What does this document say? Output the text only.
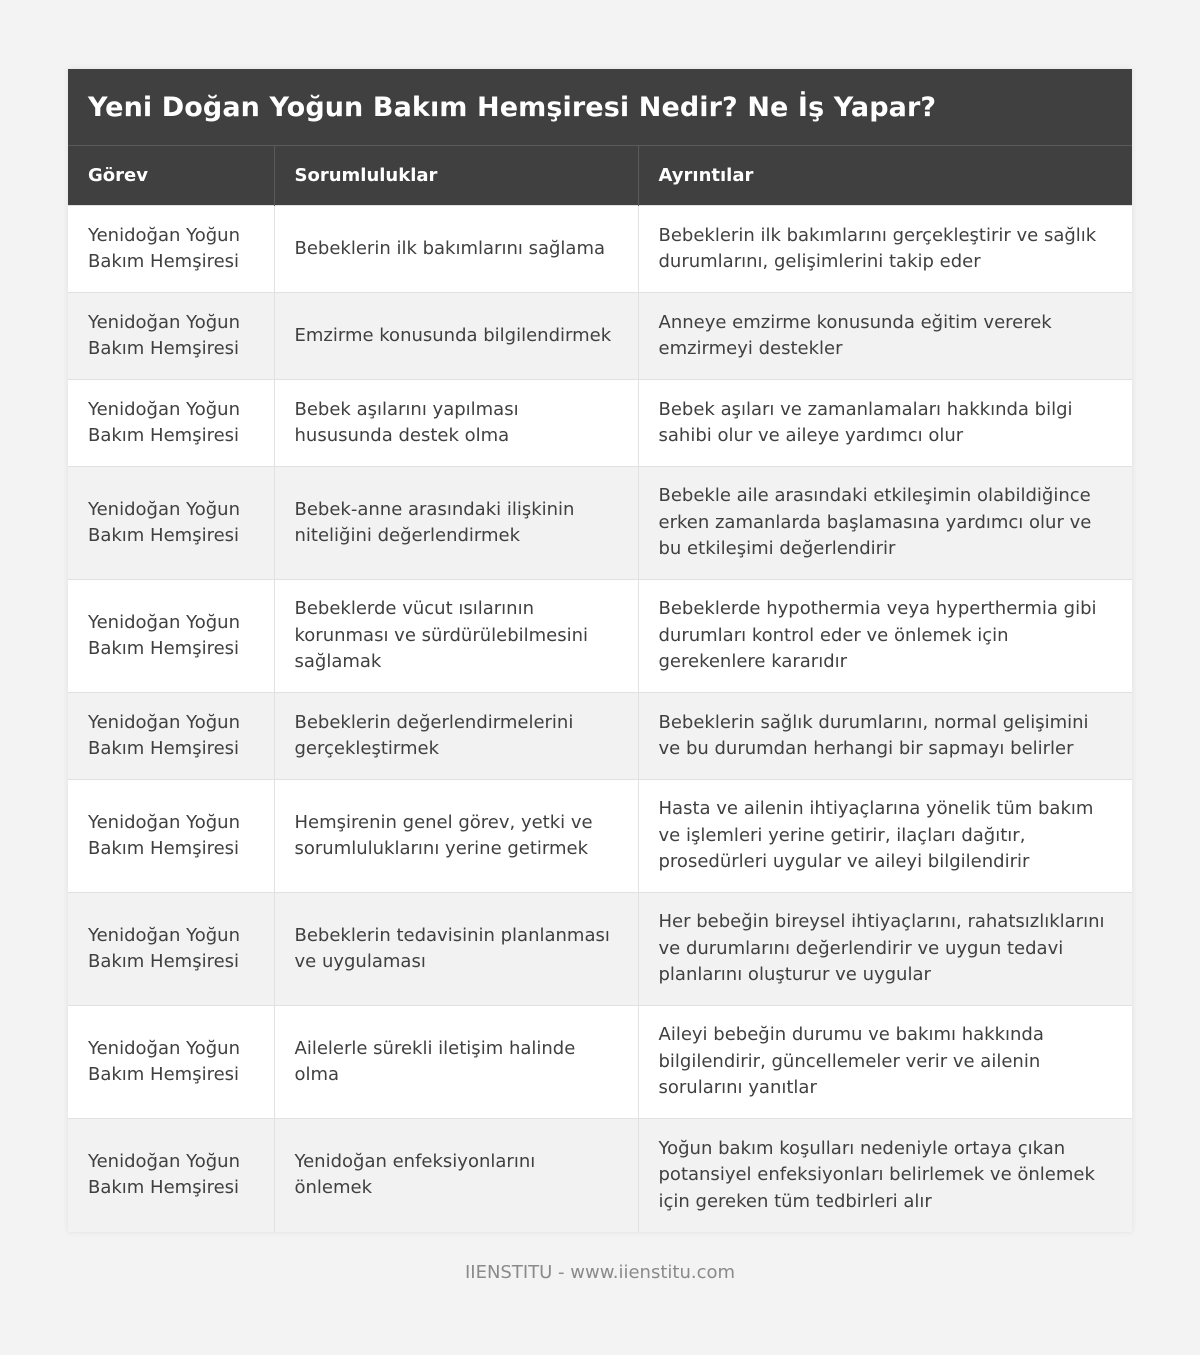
Yeni Doğan Yoğun Bakım Hemşiresi Nedir? Ne İş Yapar?
Görev	Sorumluluklar	Ayrıntılar
Yenidoğan Yoğun Bakım Hemşiresi	Bebeklerin ilk bakımlarını sağlama	Bebeklerin ilk bakımlarını gerçekleştirir ve sağlık durumlarını, gelişimlerini takip eder
Yenidoğan Yoğun Bakım Hemşiresi	Emzirme konusunda bilgilendirmek	Anneye emzirme konusunda eğitim vererek emzirmeyi destekler
Yenidoğan Yoğun Bakım Hemşiresi	Bebek aşılarını yapılması hususunda destek olma	Bebek aşıları ve zamanlamaları hakkında bilgi sahibi olur ve aileye yardımcı olur
Yenidoğan Yoğun Bakım Hemşiresi	Bebek-anne arasındaki ilişkinin niteliğini değerlendirmek	Bebekle aile arasındaki etkileşimin olabildiğince erken zamanlarda başlamasına yardımcı olur ve bu etkileşimi değerlendirir
Yenidoğan Yoğun Bakım Hemşiresi	Bebeklerde vücut ısılarının korunması ve sürdürülebilmesini sağlamak	Bebeklerde hypothermia veya hyperthermia gibi durumları kontrol eder ve önlemek için gerekenlere kararıdır
Yenidoğan Yoğun Bakım Hemşiresi	Bebeklerin değerlendirmelerini gerçekleştirmek	Bebeklerin sağlık durumlarını, normal gelişimini ve bu durumdan herhangi bir sapmayı belirler
Yenidoğan Yoğun Bakım Hemşiresi	Hemşirenin genel görev, yetki ve sorumluluklarını yerine getirmek	Hasta ve ailenin ihtiyaçlarına yönelik tüm bakım ve işlemleri yerine getirir, ilaçları dağıtır, prosedürleri uygular ve aileyi bilgilendirir
Yenidoğan Yoğun Bakım Hemşiresi	Bebeklerin tedavisinin planlanması ve uygulaması	Her bebeğin bireysel ihtiyaçlarını, rahatsızlıklarını ve durumlarını değerlendirir ve uygun tedavi planlarını oluşturur ve uygular
Yenidoğan Yoğun Bakım Hemşiresi	Ailelerle sürekli iletişim halinde olma	Aileyi bebeğin durumu ve bakımı hakkında bilgilendirir, güncellemeler verir ve ailenin sorularını yanıtlar
Yenidoğan Yoğun Bakım Hemşiresi	Yenidoğan enfeksiyonlarını önlemek	Yoğun bakım koşulları nedeniyle ortaya çıkan potansiyel enfeksiyonları belirlemek ve önlemek için gereken tüm tedbirleri alır
IIENSTITU - www.iienstitu.com
